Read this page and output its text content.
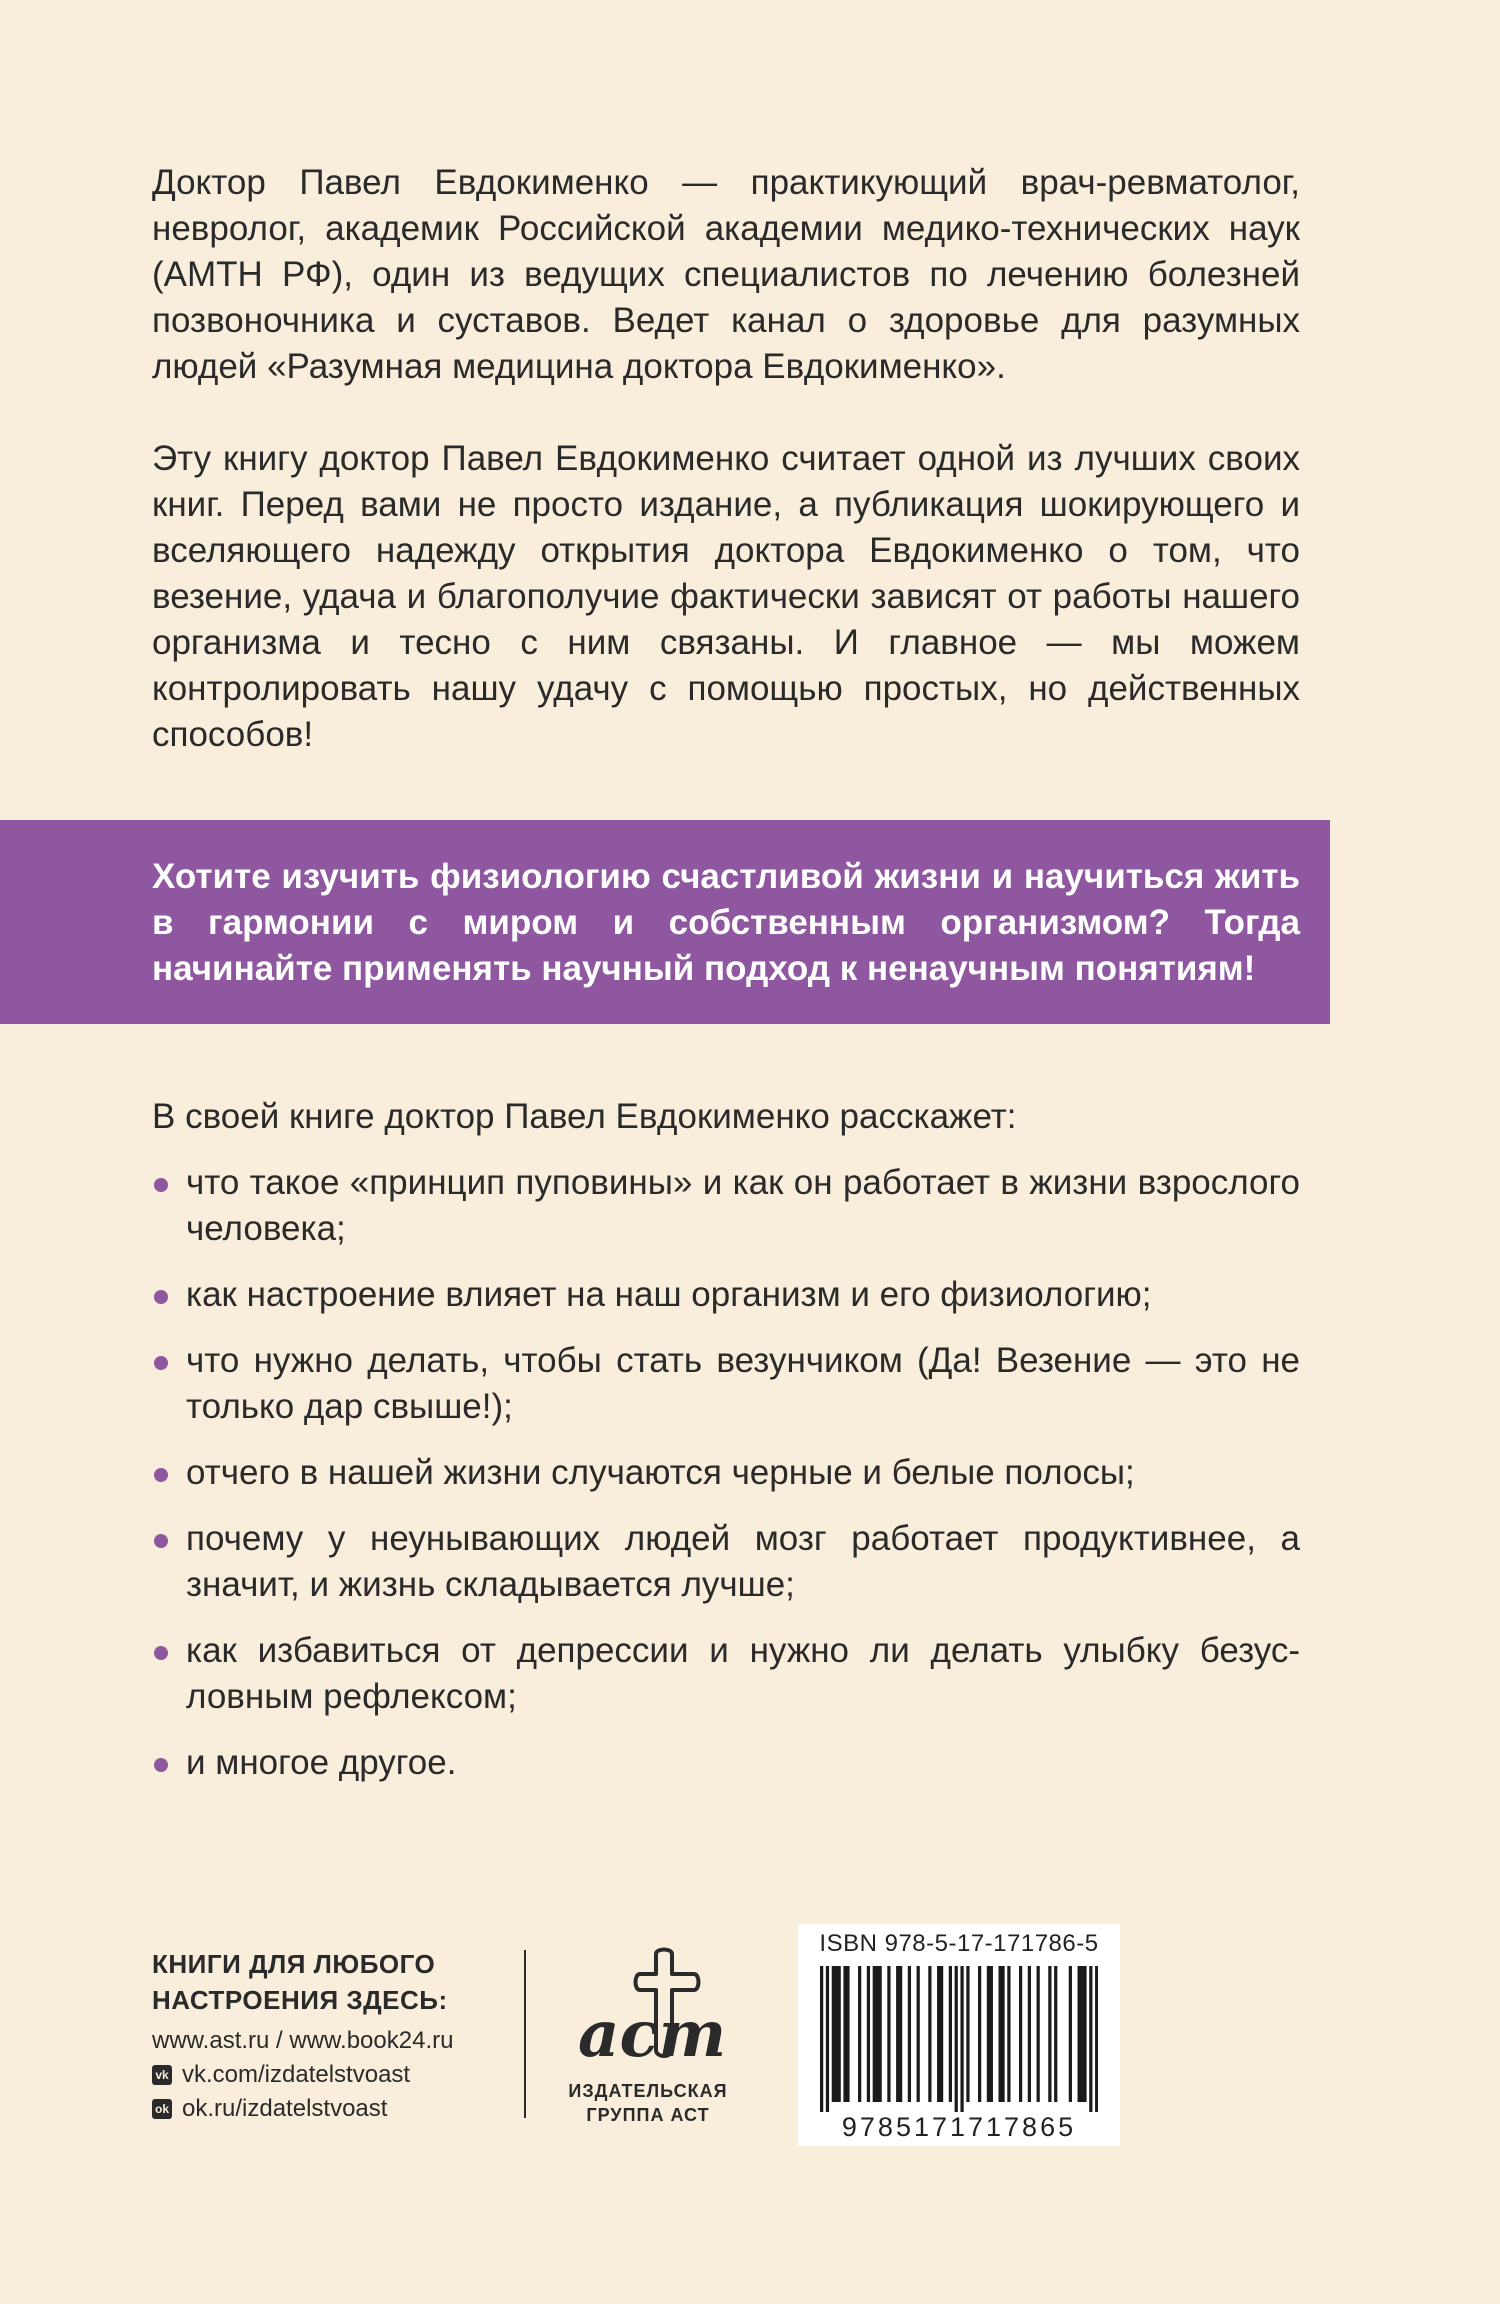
Доктор Павел Евдокименко — практикующий врач-ревматолог, невролог, академик Российской академии медико-технических наук (АМТН РФ), один из ведущих специалистов по лечению болезней позвоночника и суставов. Ведет канал о здоровье для разумных людей «Разумная медицина доктора Евдокименко».

Эту книгу доктор Павел Евдокименко считает одной из лучших своих книг. Перед вами не просто издание, а публикация шокирующего и вселяющего надежду открытия доктора Евдокименко о том, что везение, удача и благополучие фактически зависят от работы нашего организма и тесно с ним связаны. И главное — мы можем контролировать нашу удачу с помощью простых, но действенных способов!

Хотите изучить физиологию счастливой жизни и научиться жить в гармонии с миром и собственным организмом? Тогда начинайте применять научный подход к ненаучным понятиям!

В своей книге доктор Павел Евдокименко расскажет:

что такое «принцип пуповины» и как он работает в жизни взрослого человека;
как настроение влияет на наш организм и его физиологию;
что нужно делать, чтобы стать везунчиком (Да! Везение — это не только дар свыше!);
отчего в нашей жизни случаются черные и белые полосы;
почему у неунывающих людей мозг работает продуктивнее, а значит, и жизнь складывается лучше;
как избавиться от депрессии и нужно ли делать улыбку безусловным рефлексом;
и многое другое.
КНИГИ ДЛЯ ЛЮБОГО
НАСТРОЕНИЯ ЗДЕСЬ:
www.ast.ru / www.book24.ru
vk vk.com/izdatelstvoast
ok ok.ru/izdatelstvoast
аст
ИЗДАТЕЛЬСКАЯ
ГРУППА АСТ
ISBN 978-5-17-171786-5
9785171717865
